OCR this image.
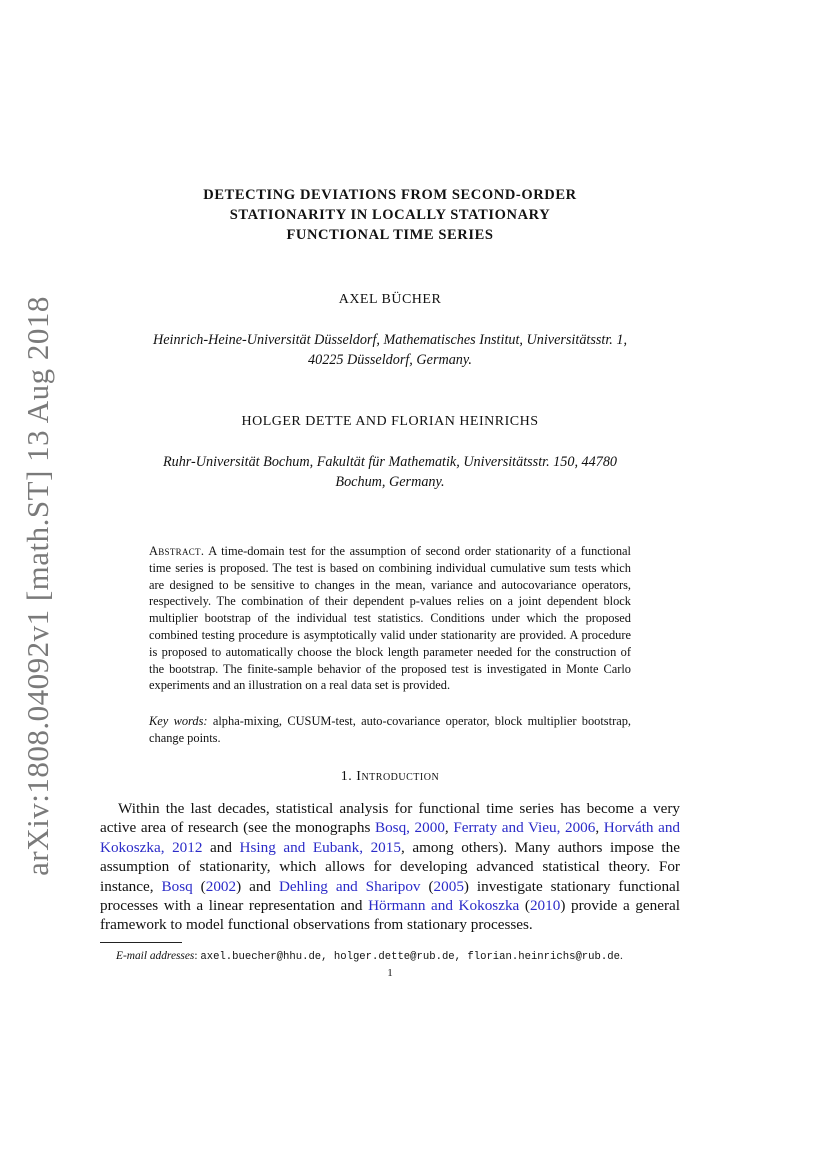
arXiv:1808.04092v1 [math.ST] 13 Aug 2018
DETECTING DEVIATIONS FROM SECOND-ORDER
STATIONARITY IN LOCALLY STATIONARY
FUNCTIONAL TIME SERIES
AXEL BÜCHER
Heinrich-Heine-Universität Düsseldorf, Mathematisches Institut, Universitätsstr. 1,
40225 Düsseldorf, Germany.
HOLGER DETTE AND FLORIAN HEINRICHS
Ruhr-Universität Bochum, Fakultät für Mathematik, Universitätsstr. 150, 44780
Bochum, Germany.
Abstract. A time-domain test for the assumption of second order stationarity of a functional time series is proposed. The test is based on combining individual cumulative sum tests which are designed to be sensitive to changes in the mean, variance and autocovariance operators, respectively. The combination of their dependent p-values relies on a joint dependent block multiplier bootstrap of the individual test statistics. Conditions under which the proposed combined testing procedure is asymptotically valid under stationarity are provided. A procedure is proposed to automatically choose the block length parameter needed for the construction of the bootstrap. The finite-sample behavior of the proposed test is investigated in Monte Carlo experiments and an illustration on a real data set is provided.
Key words: alpha-mixing, CUSUM-test, auto-covariance operator, block multiplier bootstrap, change points.
1. Introduction

Within the last decades, statistical analysis for functional time series has become a very active area of research (see the monographs Bosq, 2000, Ferraty and Vieu, 2006, Horváth and Kokoszka, 2012 and Hsing and Eubank, 2015, among others). Many authors impose the assumption of stationarity, which allows for developing advanced statistical theory. For instance, Bosq (2002) and Dehling and Sharipov (2005) investigate stationary functional processes with a linear representation and Hörmann and Kokoszka (2010) provide a general framework to model functional observations from stationary processes.

E-mail addresses: axel.buecher@hhu.de, holger.dette@rub.de, florian.heinrichs@rub.de.
1
